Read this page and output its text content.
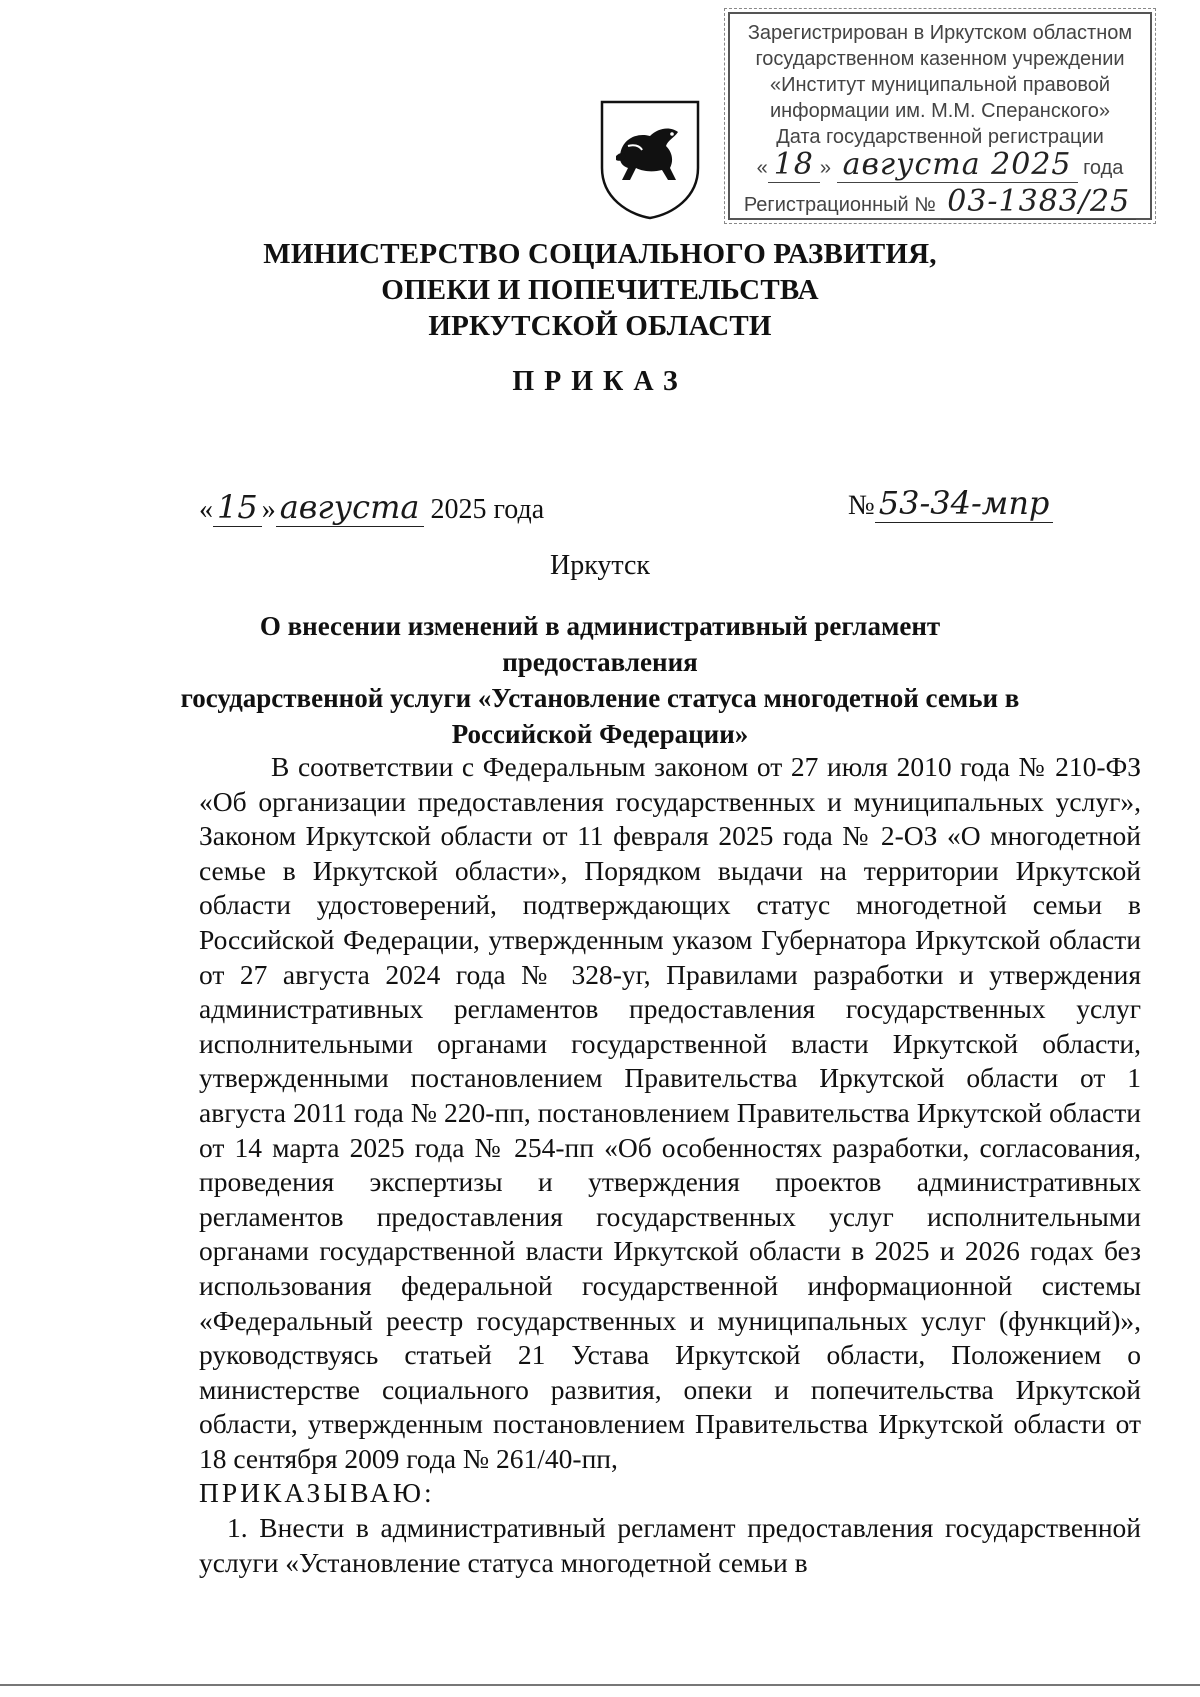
Зарегистрирован в Иркутском областном
государственном казенном учреждении
«Институт муниципальной правовой
информации им. М.М. Сперанского»
Дата государственной регистрации
« 18 » августа 2025 года
Регистрационный № 03-1383/25
МИНИСТЕРСТВО СОЦИАЛЬНОГО РАЗВИТИЯ,
ОПЕКИ И ПОПЕЧИТЕЛЬСТВА
ИРКУТСКОЙ ОБЛАСТИ
ПРИКАЗ
« 15 » августа 2025 года	№ 53-34-мпр
Иркутск
О внесении изменений в административный регламент предоставления
государственной услуги «Установление статуса многодетной семьи в
Российской Федерации»

В соответствии с Федеральным законом от 27 июля 2010 года № 210-ФЗ «Об организации предоставления государственных и муниципальных услуг», Законом Иркутской области от 11 февраля 2025 года № 2-ОЗ «О многодетной семье в Иркутской области», Порядком выдачи на территории Иркутской области удостоверений, подтверждающих статус многодетной семьи в Российской Федерации, утвержденным указом Губернатора Иркутской области от 27 августа 2024 года № 328-уг, Правилами разработки и утверждения административных регламентов предоставления государственных услуг исполнительными органами государственной власти Иркутской области, утвержденными постановлением Правительства Иркутской области от 1 августа 2011 года № 220-пп, постановлением Правительства Иркутской области от 14 марта 2025 года № 254-пп «Об особенностях разработки, согласования, проведения экспертизы и утверждения проектов административных регламентов предоставления государственных услуг исполнительными органами государственной власти Иркутской области в 2025 и 2026 годах без использования федеральной государственной информационной системы «Федеральный реестр государственных и муниципальных услуг (функций)», руководствуясь статьей 21 Устава Иркутской области, Положением о министерстве социального развития, опеки и попечительства Иркутской области, утвержденным постановлением Правительства Иркутской области от 18 сентября 2009 года № 261/40-пп,

ПРИКАЗЫВАЮ:

1. Внести в административный регламент предоставления государственной услуги «Установление статуса многодетной семьи в
